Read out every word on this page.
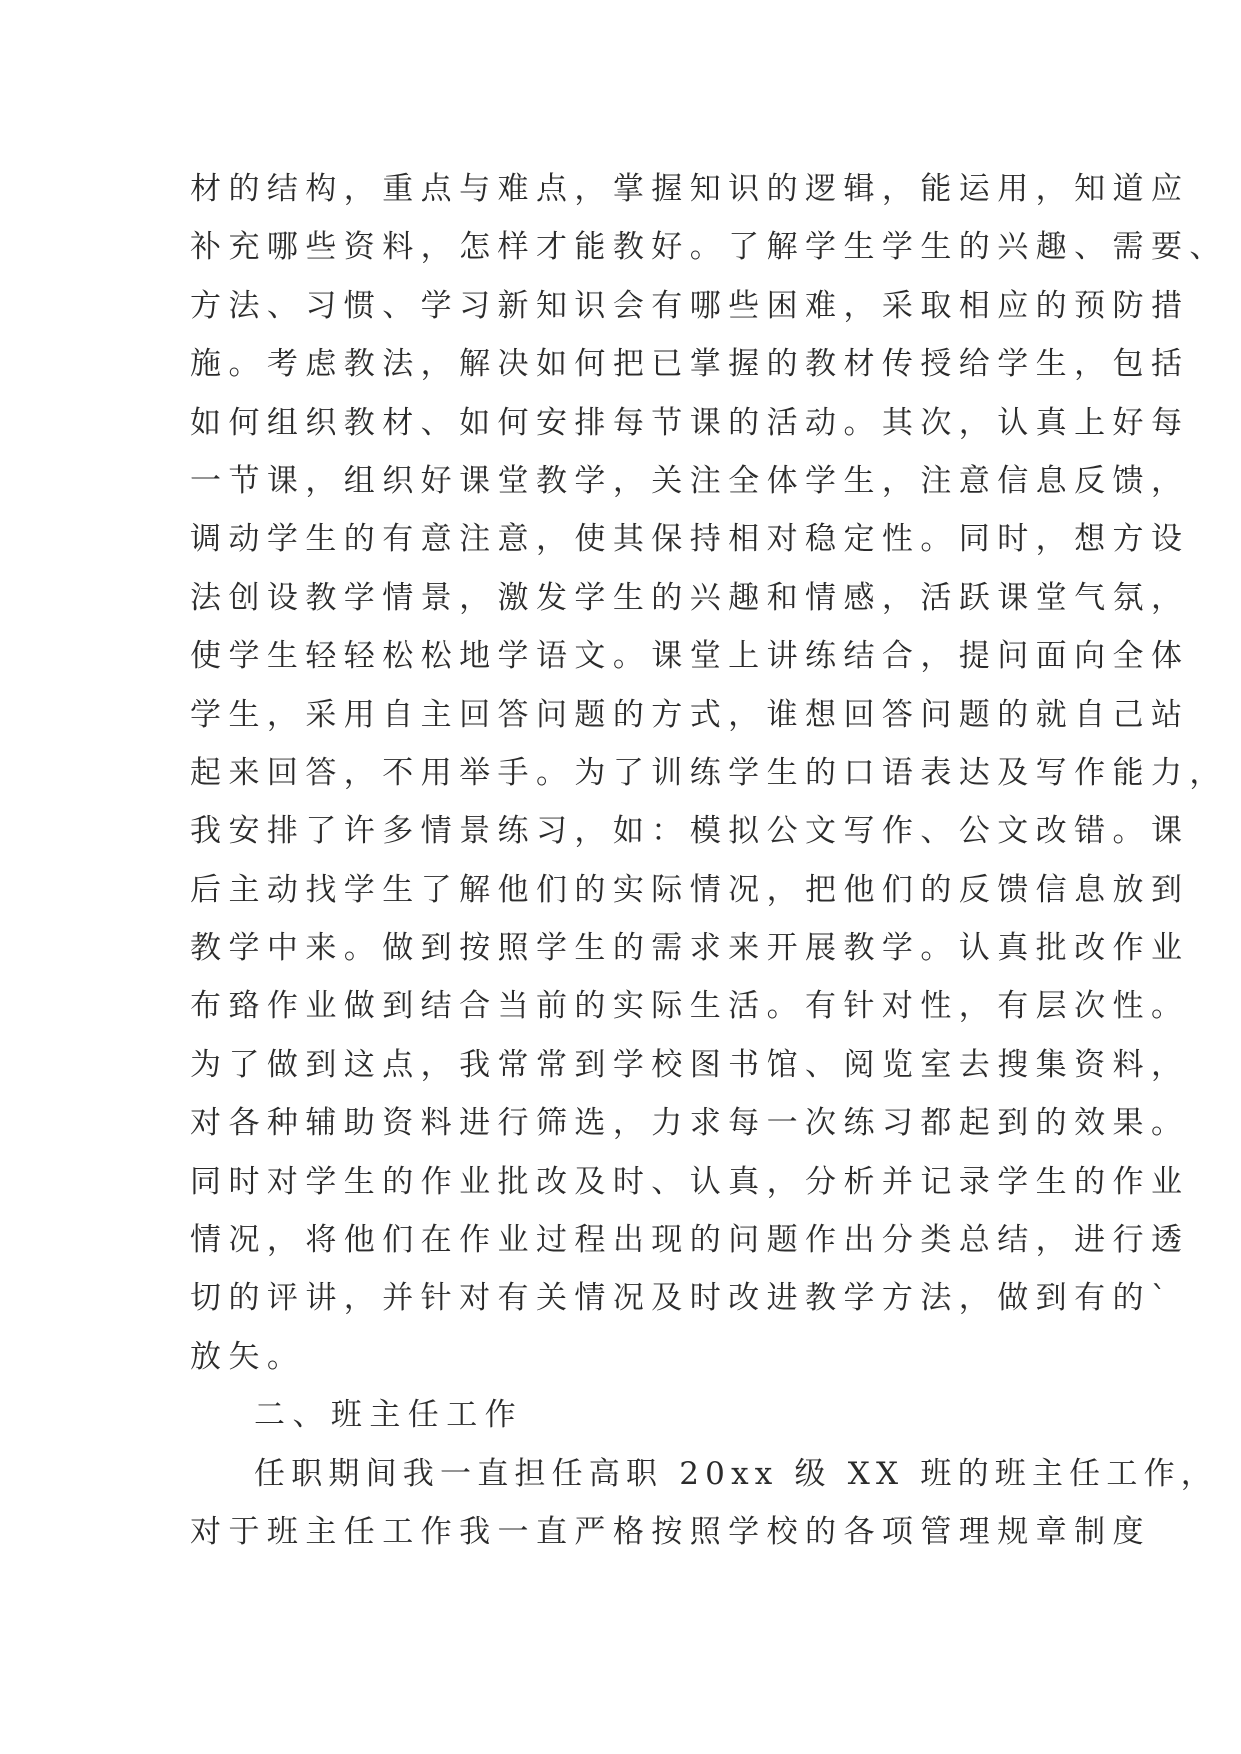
材的结构，重点与难点，掌握知识的逻辑，能运用，知道应
补充哪些资料，怎样才能教好。了解学生学生的兴趣、需要、
方法、习惯、学习新知识会有哪些困难，采取相应的预防措
施。考虑教法，解决如何把已掌握的教材传授给学生，包括
如何组织教材、如何安排每节课的活动。其次，认真上好每
一节课，组织好课堂教学，关注全体学生，注意信息反馈，
调动学生的有意注意，使其保持相对稳定性。同时，想方设
法创设教学情景，激发学生的兴趣和情感，活跃课堂气氛，
使学生轻轻松松地学语文。课堂上讲练结合，提问面向全体
学生，采用自主回答问题的方式，谁想回答问题的就自己站
起来回答，不用举手。为了训练学生的口语表达及写作能力，
我安排了许多情景练习，如：模拟公文写作、公文改错。课
后主动找学生了解他们的实际情况，把他们的反馈信息放到
教学中来。做到按照学生的需求来开展教学。认真批改作业
布臵作业做到结合当前的实际生活。有针对性，有层次性。
为了做到这点，我常常到学校图书馆、阅览室去搜集资料，
对各种辅助资料进行筛选，力求每一次练习都起到的效果。
同时对学生的作业批改及时、认真，分析并记录学生的作业
情况，将他们在作业过程出现的问题作出分类总结，进行透
切的评讲，并针对有关情况及时改进教学方法，做到有的`
放矢。
二、班主任工作
任职期间我一直担任高职 20xx 级 XX 班的班主任工作，
对于班主任工作我一直严格按照学校的各项管理规章制度
